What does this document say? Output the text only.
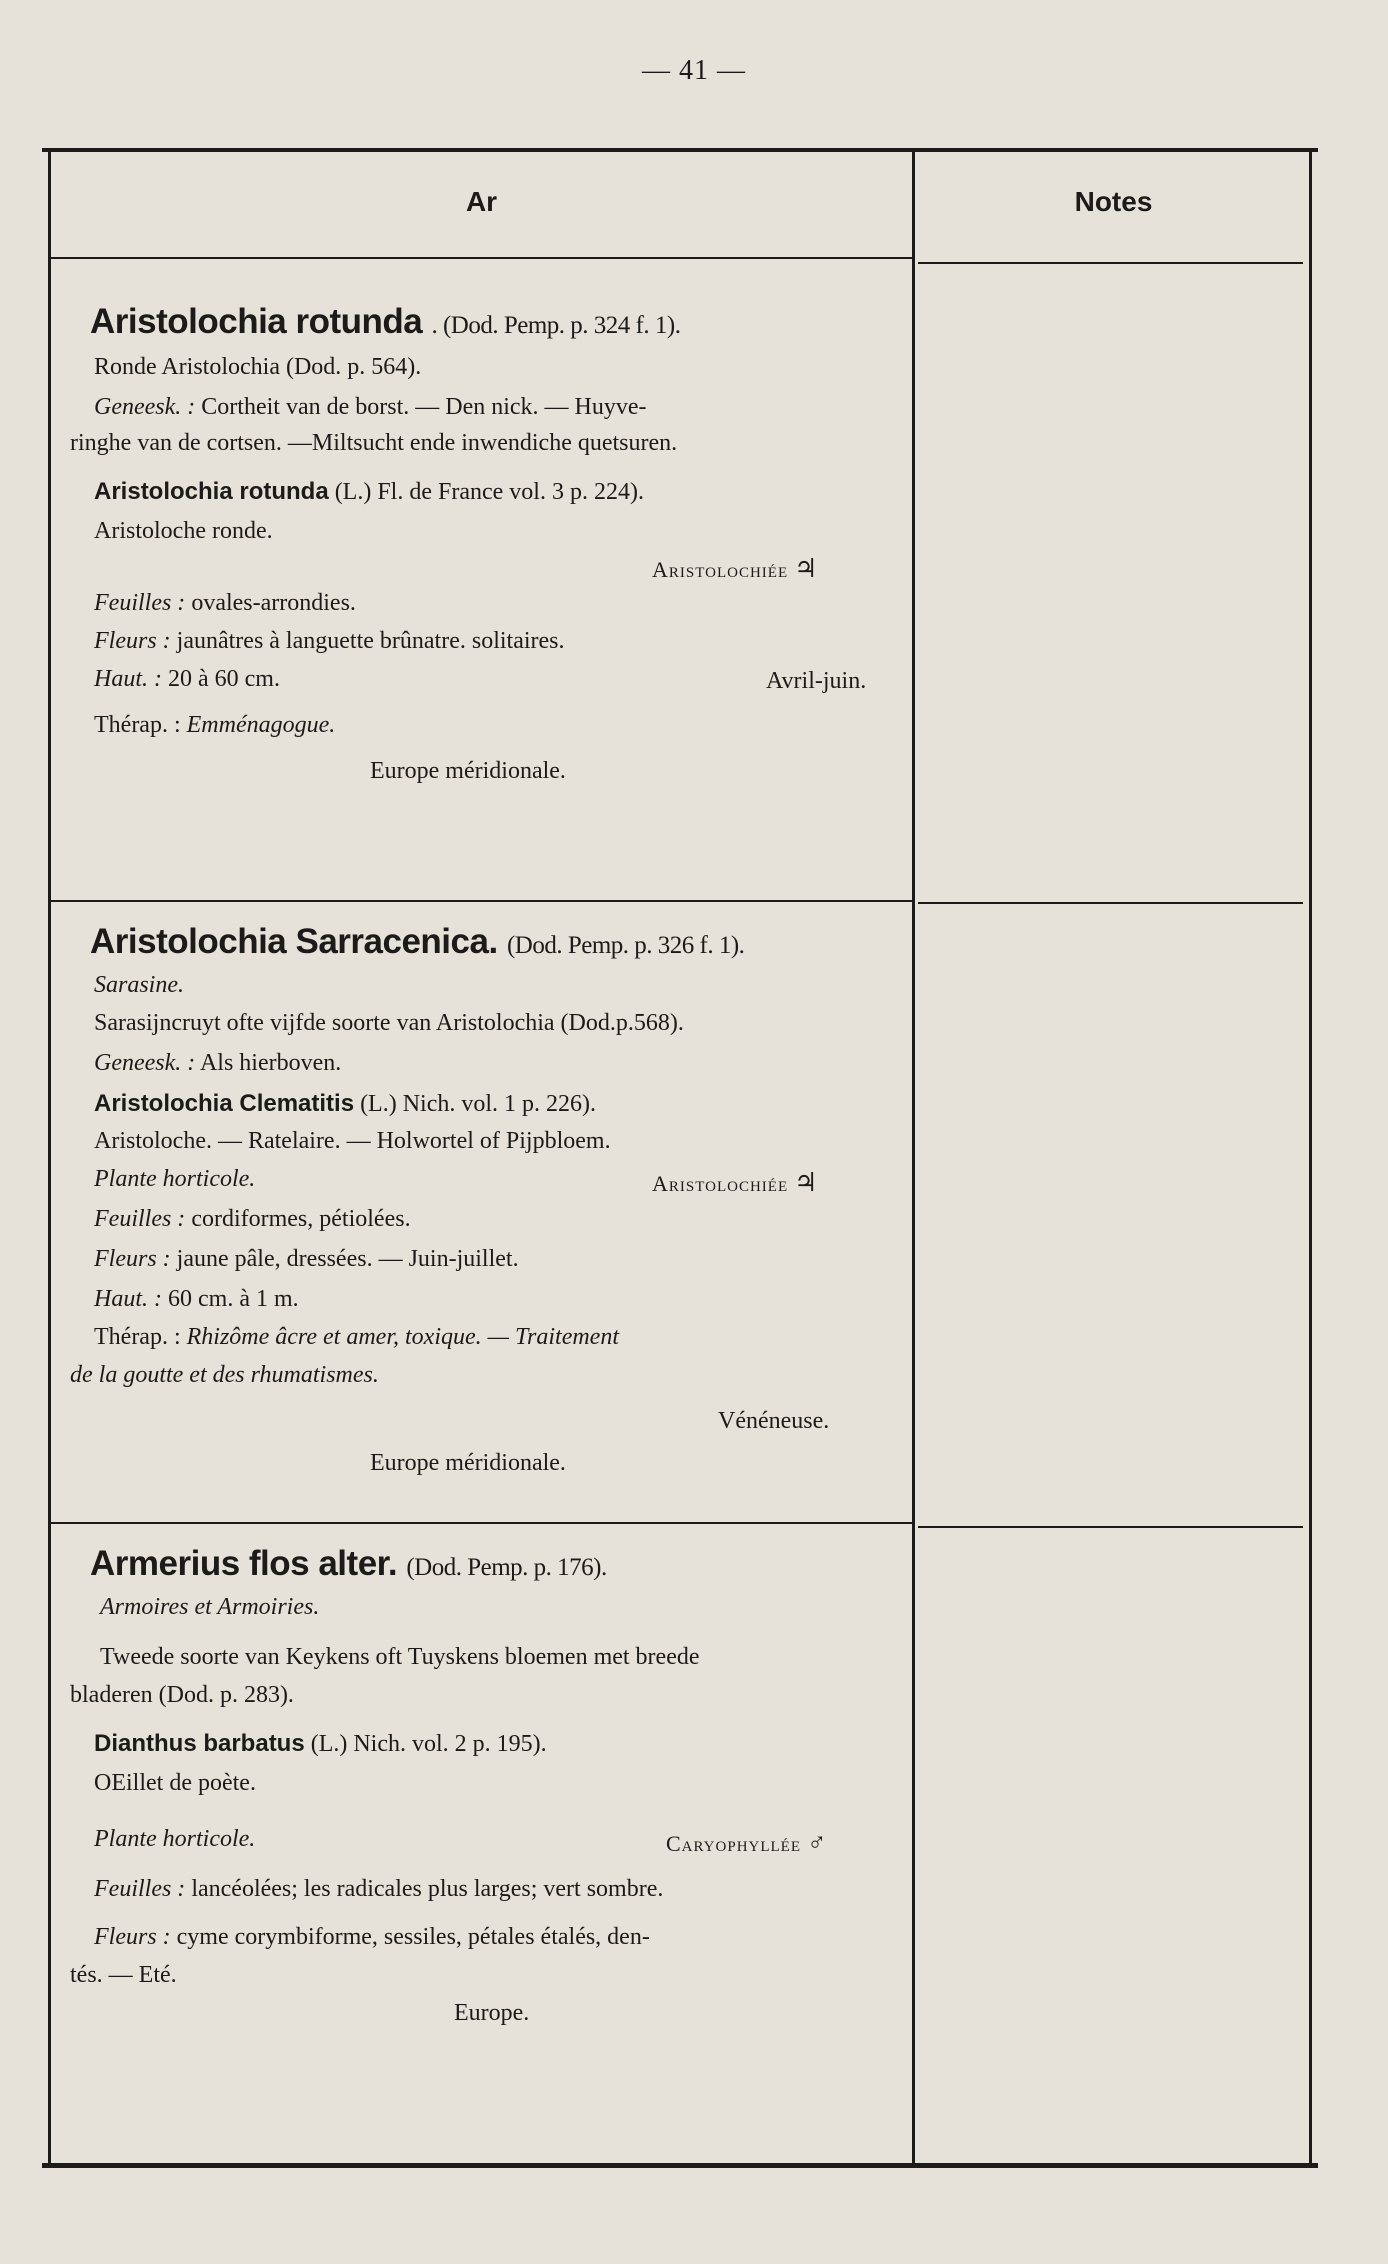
— 41 —
Ar	Notes
Aristolochia rotunda . (Dod. Pemp. p. 324 f. 1).
Ronde Aristolochia (Dod. p. 564).
Geneesk. : Cortheit van de borst. — Den nick. — Huyve-
ringhe van de cortsen. —Miltsucht ende inwendiche quetsuren.
Aristolochia rotunda (L.) Fl. de France vol. 3 p. 224).
Aristoloche ronde.
Aristolochiée ♃
Feuilles : ovales-arrondies.
Fleurs : jaunâtres à languette brûnatre. solitaires.
Haut. : 20 à 60 cm.	Avril-juin.
Thérap. : Emménagogue.
Europe méridionale.
Aristolochia Sarracenica. (Dod. Pemp. p. 326 f. 1).
Sarasine.
Sarasijncruyt ofte vijfde soorte van Aristolochia (Dod.p.568).
Geneesk. : Als hierboven.
Aristolochia Clematitis (L.) Nich. vol. 1 p. 226).
Aristoloche. — Ratelaire. — Holwortel of Pijpbloem.
Plante horticole.	Aristolochiée ♃
Feuilles : cordiformes, pétiolées.
Fleurs : jaune pâle, dressées. — Juin-juillet.
Haut. : 60 cm. à 1 m.
Thérap. : Rhizôme âcre et amer, toxique. — Traitement
de la goutte et des rhumatismes.
Vénéneuse.
Europe méridionale.
Armerius flos alter. (Dod. Pemp. p. 176).
Armoires et Armoiries.
Tweede soorte van Keykens oft Tuyskens bloemen met breede
bladeren (Dod. p. 283).
Dianthus barbatus (L.) Nich. vol. 2 p. 195).
OEillet de poète.
Plante horticole.	Caryophyllée ♂
Feuilles : lancéolées; les radicales plus larges; vert sombre.
Fleurs : cyme corymbiforme, sessiles, pétales étalés, den-
tés. — Eté.
Europe.
